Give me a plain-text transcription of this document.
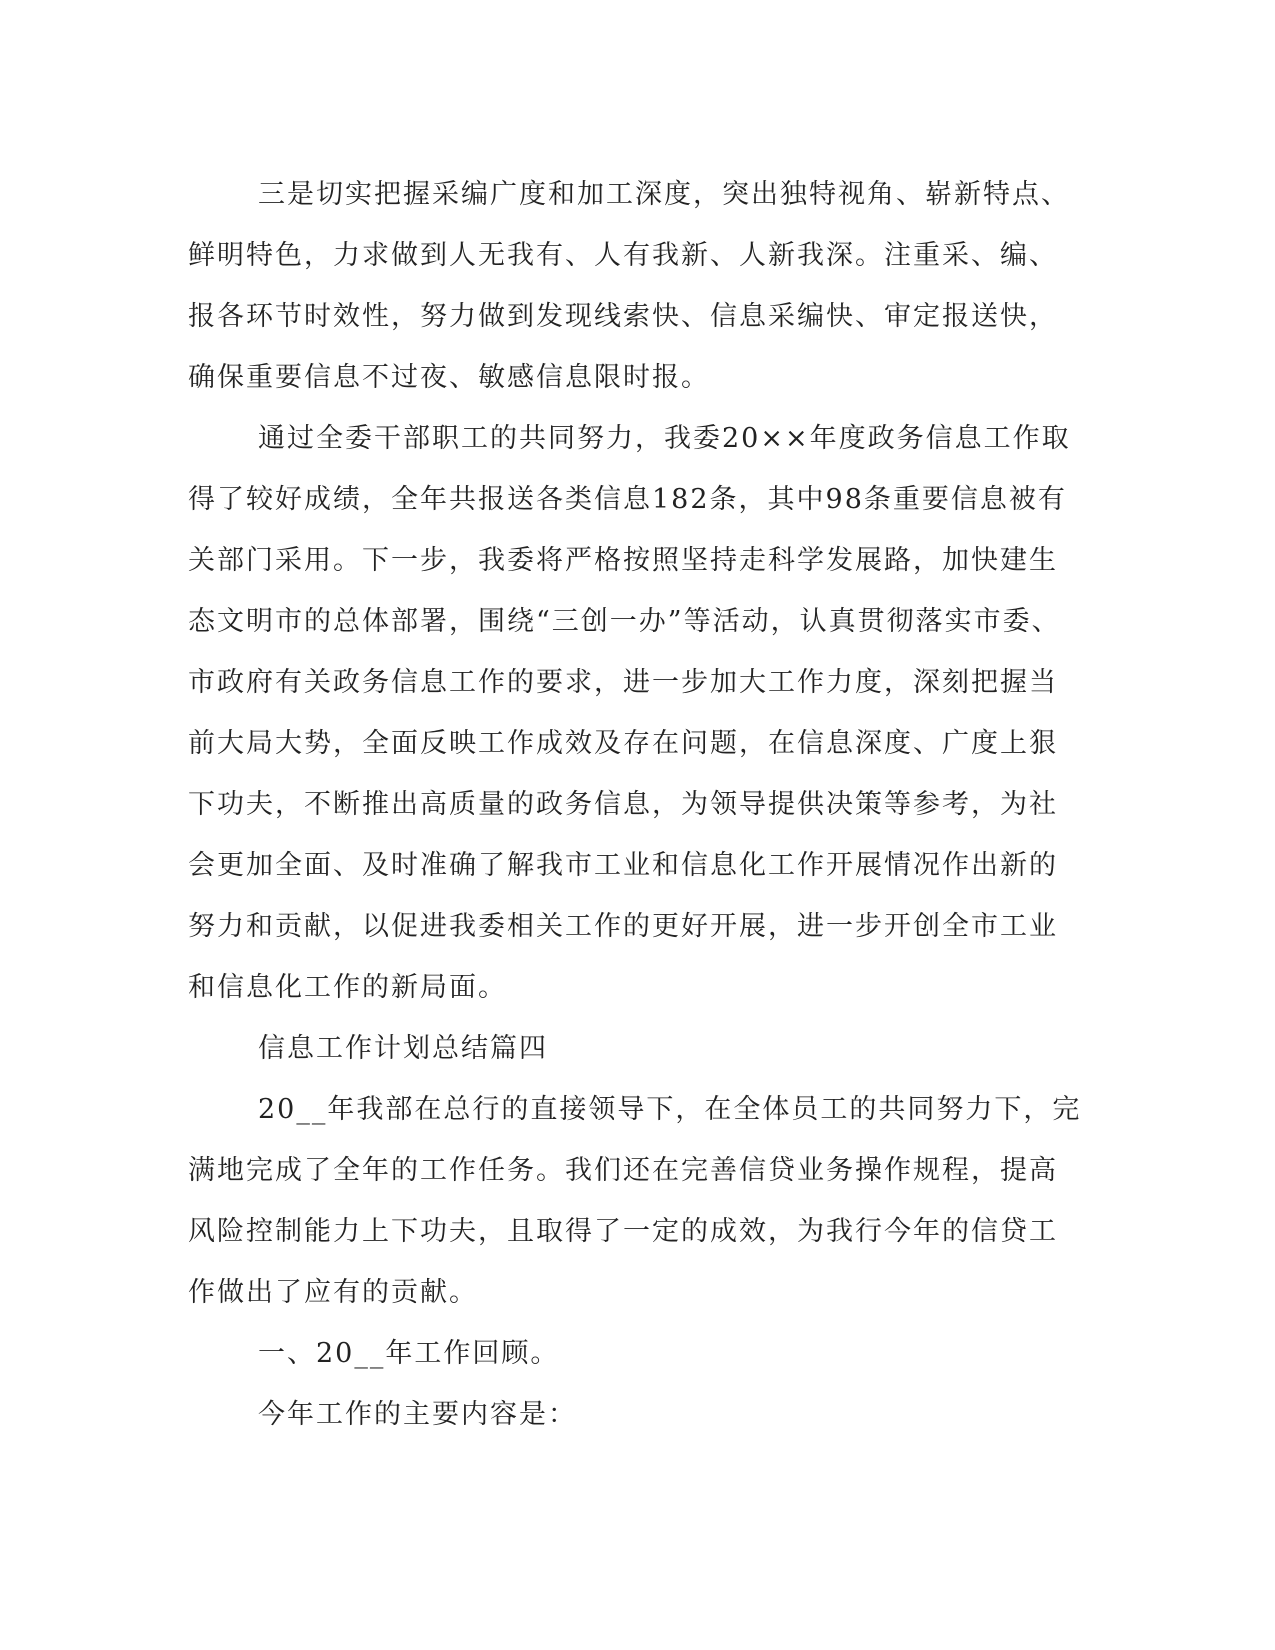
三是切实把握采编广度和加工深度，突出独特视角、崭新特点、
鲜明特色，力求做到人无我有、人有我新、人新我深。注重采、编、
报各环节时效性，努力做到发现线索快、信息采编快、审定报送快，
确保重要信息不过夜、敏感信息限时报。
通过全委干部职工的共同努力，我委20××年度政务信息工作取
得了较好成绩，全年共报送各类信息182条，其中98条重要信息被有
关部门采用。下一步，我委将严格按照坚持走科学发展路，加快建生
态文明市的总体部署，围绕“三创一办”等活动，认真贯彻落实市委、
市政府有关政务信息工作的要求，进一步加大工作力度，深刻把握当
前大局大势，全面反映工作成效及存在问题，在信息深度、广度上狠
下功夫，不断推出高质量的政务信息，为领导提供决策等参考，为社
会更加全面、及时准确了解我市工业和信息化工作开展情况作出新的
努力和贡献，以促进我委相关工作的更好开展，进一步开创全市工业
和信息化工作的新局面。
信息工作计划总结篇四
20__年我部在总行的直接领导下，在全体员工的共同努力下，完
满地完成了全年的工作任务。我们还在完善信贷业务操作规程，提高
风险控制能力上下功夫，且取得了一定的成效，为我行今年的信贷工
作做出了应有的贡献。
一、20__年工作回顾。
今年工作的主要内容是：
